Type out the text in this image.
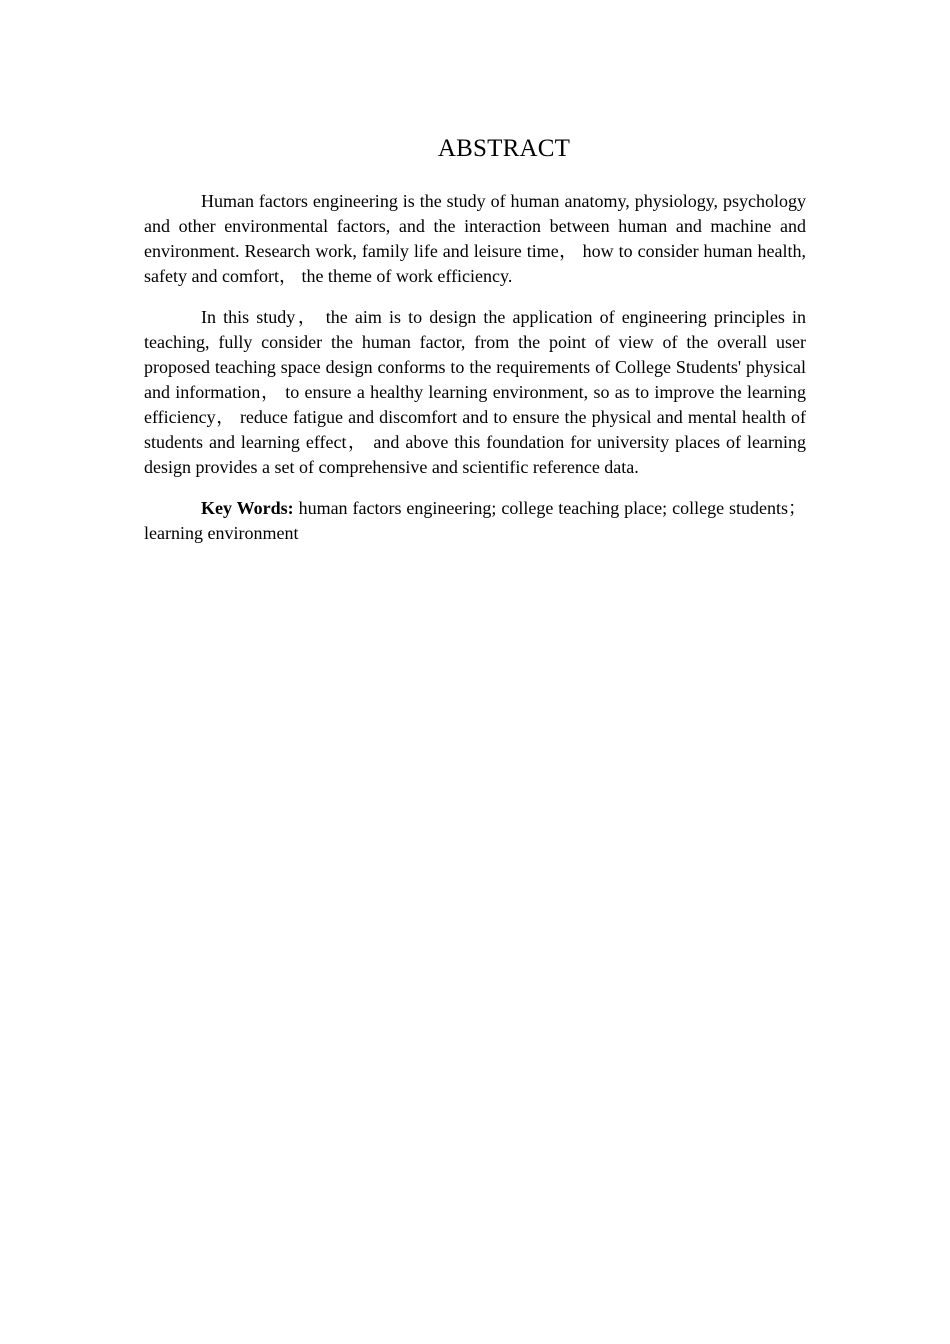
ABSTRACT

Human factors engineering is the study of human anatomy, physiology, psychology and other environmental factors, and the interaction between human and machine and environment. Research work, family life and leisure time， how to consider human health, safety and comfort， the theme of work efficiency.

In this study， the aim is to design the application of engineering principles in teaching, fully consider the human factor, from the point of view of the overall user proposed teaching space design conforms to the requirements of College Students' physical and information， to ensure a healthy learning environment, so as to improve the learning efficiency， reduce fatigue and discomfort and to ensure the physical and mental health of students and learning effect， and above this foundation for university places of learning design provides a set of comprehensive and scientific reference data.

Key Words: human factors engineering; college teaching place; college students； learning environment
